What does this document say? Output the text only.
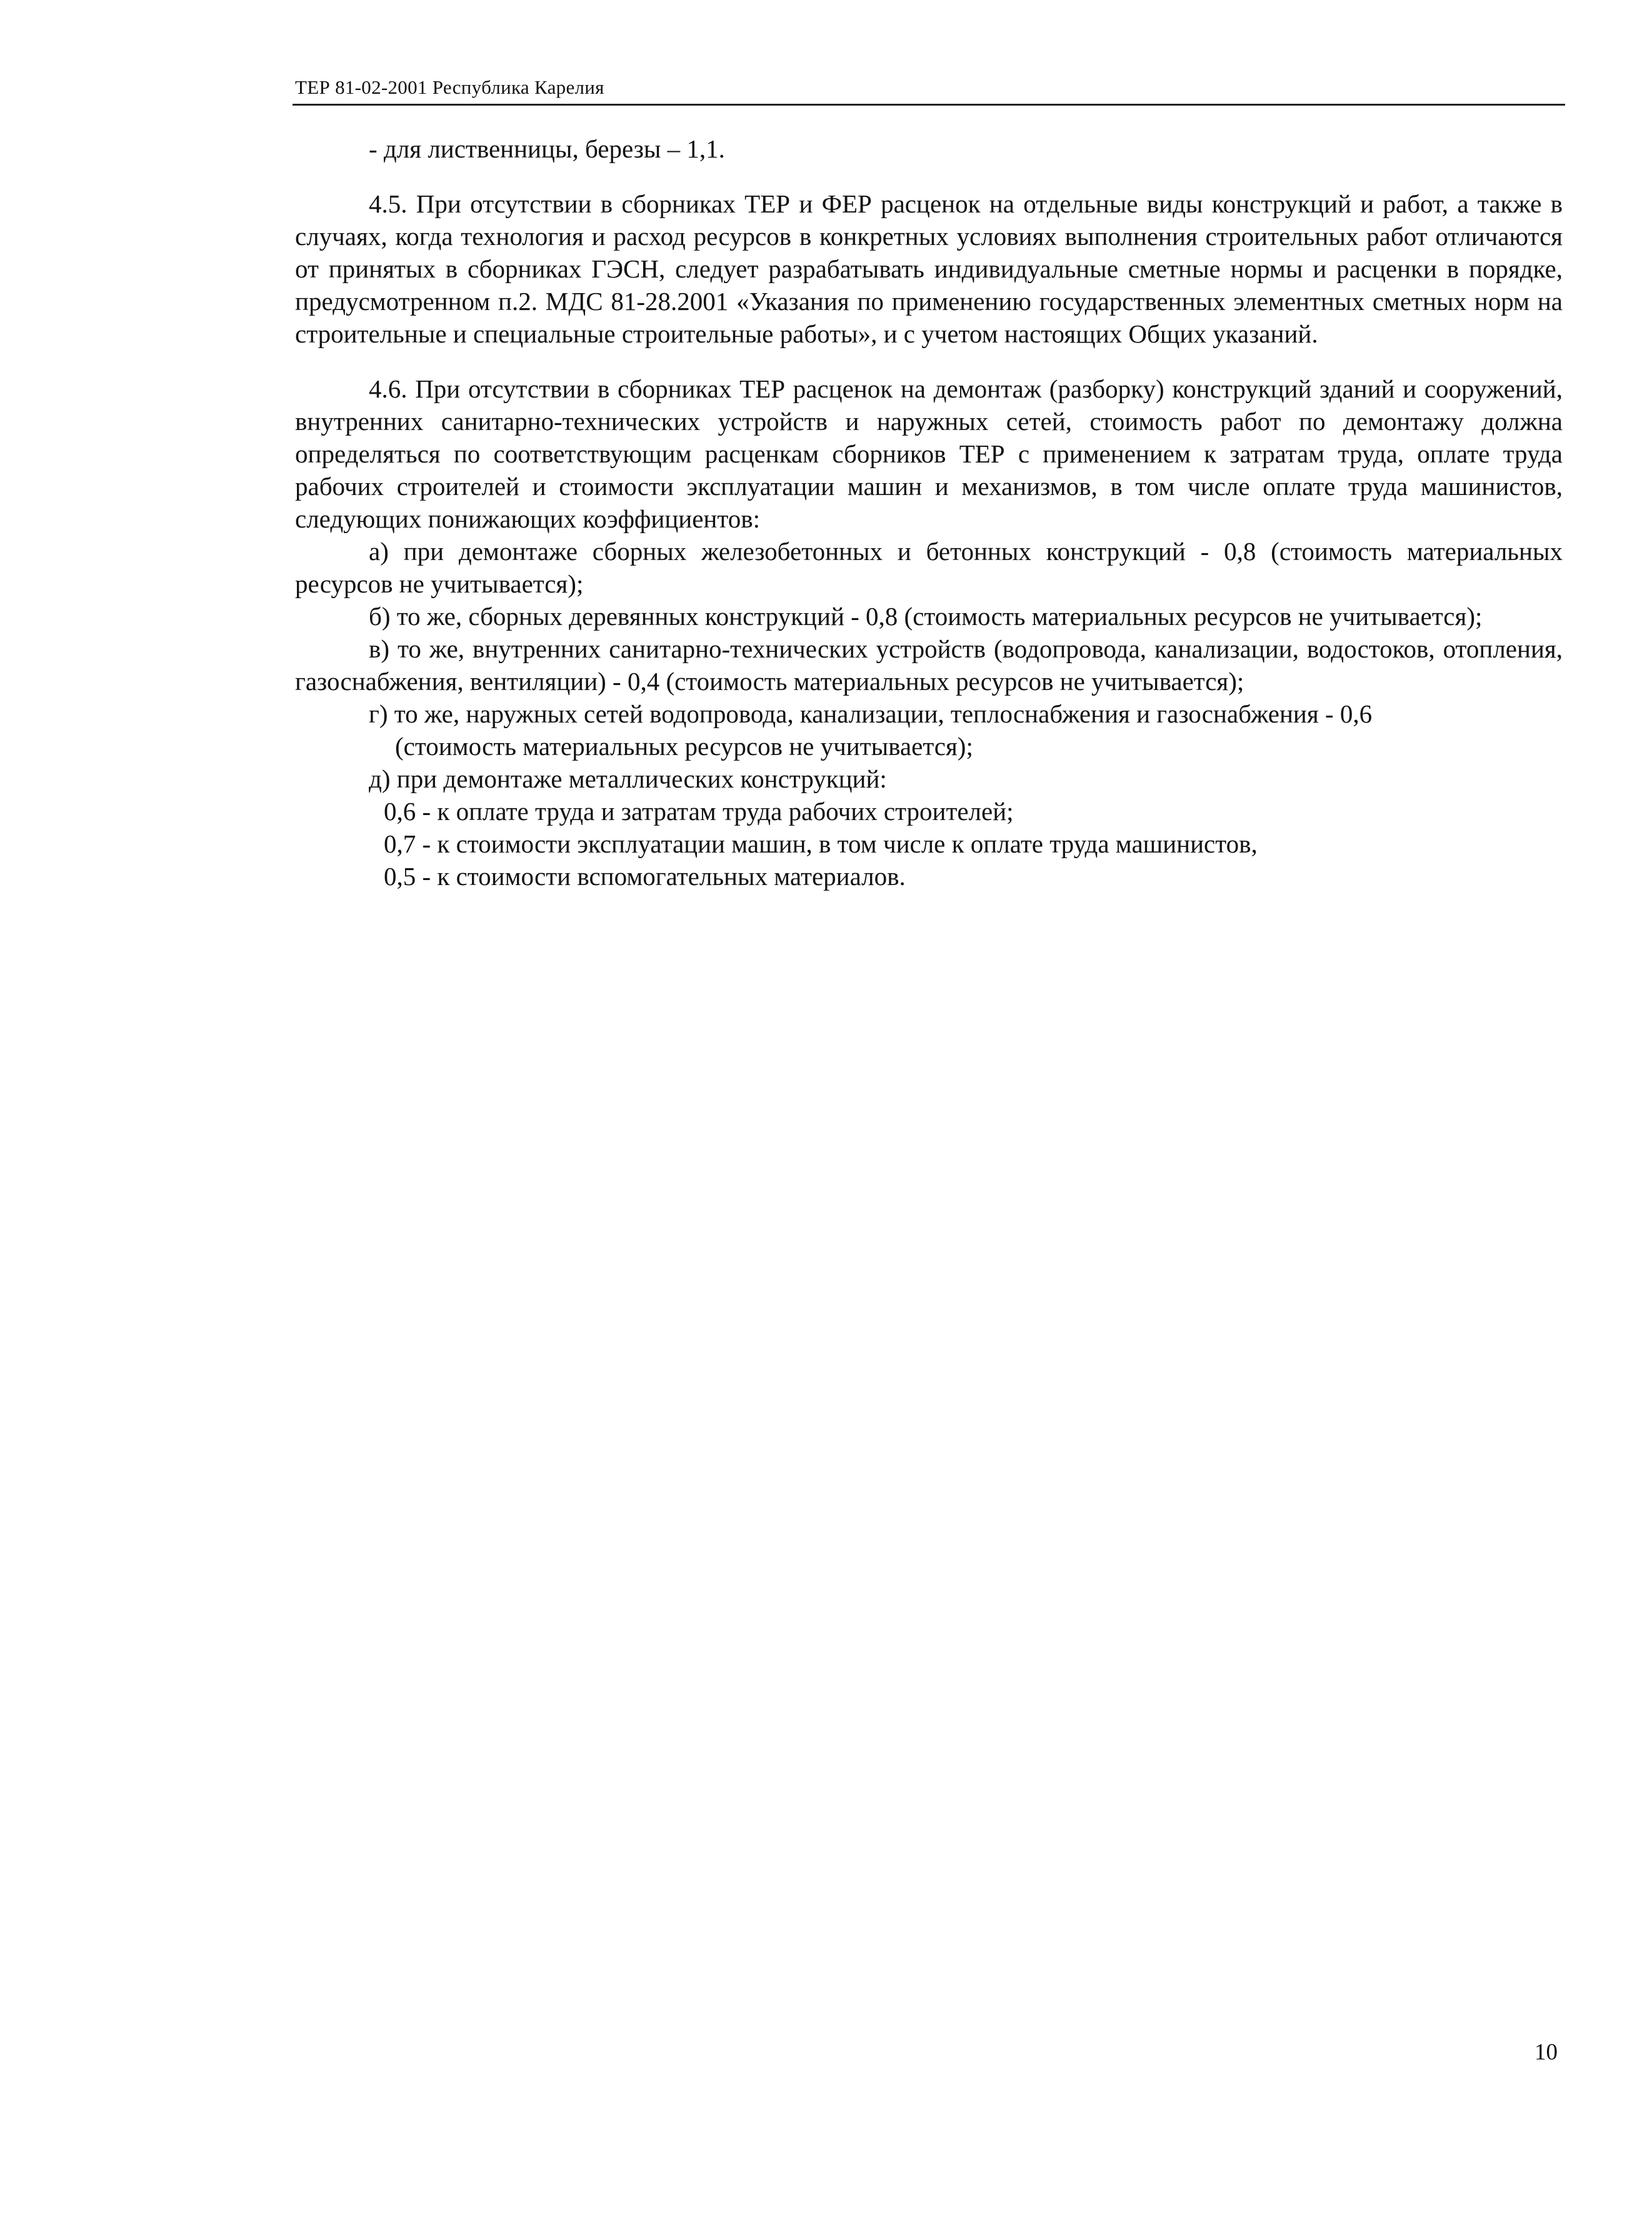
ТЕР 81-02-2001 Республика Карелия

- для лиственницы, березы – 1,1.

4.5. При отсутствии в сборниках ТЕР и ФЕР расценок на отдельные виды конструкций и работ, а также в случаях, когда технология и расход ресурсов в конкретных условиях выполнения строительных работ отличаются от принятых в сборниках ГЭСН, следует разрабатывать индивидуальные сметные нормы и расценки в порядке, предусмотренном п.2. МДС 81-28.2001 «Указания по применению государственных элементных сметных норм на строительные и специальные строительные работы», и с учетом настоящих Общих указаний.

4.6. При отсутствии в сборниках ТЕР расценок на демонтаж (разборку) конструкций зданий и сооружений, внутренних санитарно-технических устройств и наружных сетей, стоимость работ по демонтажу должна определяться по соответствующим расценкам сборников ТЕР с применением к затратам труда, оплате труда рабочих строителей и стоимости эксплуатации машин и механизмов, в том числе оплате труда машинистов, следующих понижающих коэффициентов:

а) при демонтаже сборных железобетонных и бетонных конструкций - 0,8 (стоимость материальных ресурсов не учитывается);

б) то же, сборных деревянных конструкций - 0,8 (стоимость материальных ресурсов не учитывается);

в) то же, внутренних санитарно-технических устройств (водопровода, канализации, водостоков, отопления, газоснабжения, вентиляции) - 0,4 (стоимость материальных ресурсов не учитывается);

г) то же, наружных сетей водопровода, канализации, теплоснабжения и газоснабжения - 0,6

(стоимость материальных ресурсов не учитывается);

д) при демонтаже металлических конструкций:

0,6 - к оплате труда и затратам труда рабочих строителей;

0,7 - к стоимости эксплуатации машин, в том числе к оплате труда машинистов,

0,5 - к стоимости вспомогательных материалов.

10
